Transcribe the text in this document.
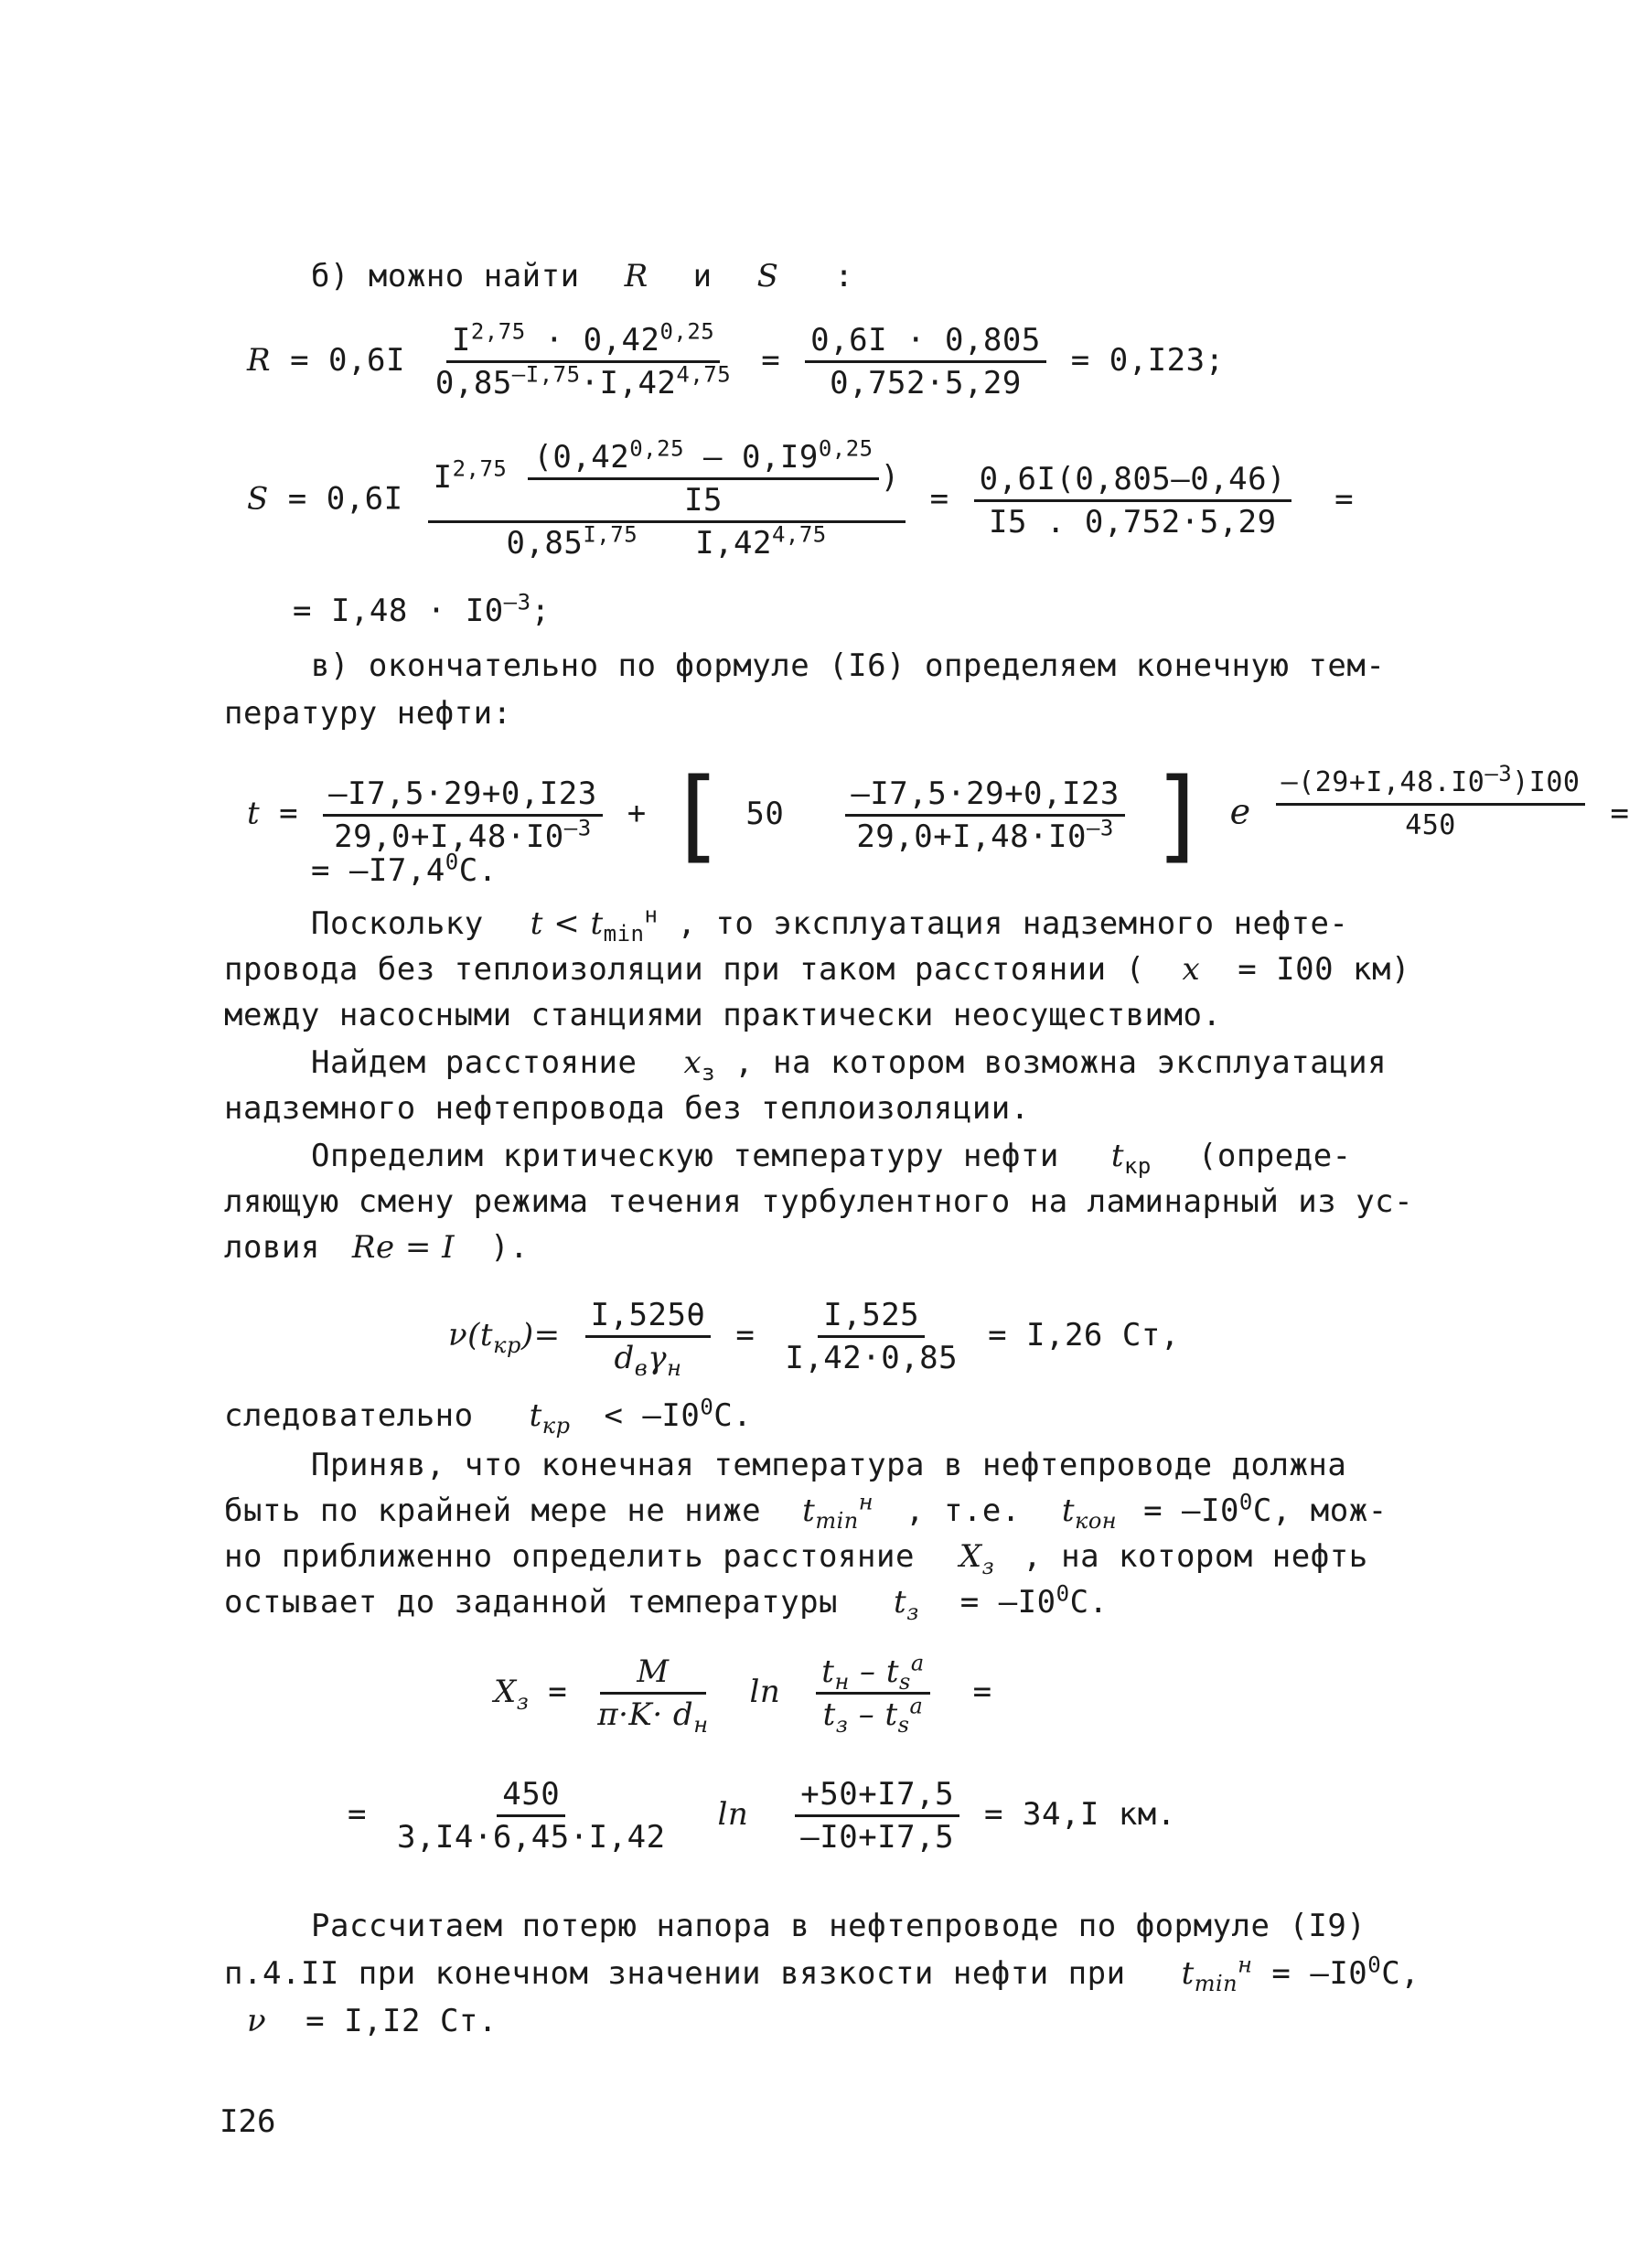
б) можно найти R и S :
$R = 0,6I \frac{I^{2,75} \cdot 0,42^{0,25}}{0,85^{-I,75}\cdot I,42^{4,75}} = \frac{0,6I \cdot 0,805}{0,752\cdot 5,29} = 0,I23$;
S = 0,6I
$I^{2,75} \frac{(0,42^{0,25} - 0,I9^{0,25}}{I5}$ )
$0,85^{I,75}$ I,42$^{4,75}$
= $\frac{0,6I(0,805-0,46)}{I5 . 0,752\cdot 5,29}$ =
= $I,48 \cdot I0^{-3}$;
в) окончательно по формуле (I6) определяем конечную тем-
пературу нефти:
$t = \frac{-I7,5\cdot 29+0,I23}{29,0+I,48\cdot I0^{-3}}$ + [ $50 \frac{-I7,5\cdot 29+0,I23}{29,0+I,48\cdot I0^{-3}}$ ] e $\frac{-(29+I,48.I0^{-3})I00}{450}$ =
= $-I7,4^0С$.
Поскольку $t < t_{min}^н$ , то эксплуатация надземного нефте-
провода без теплоизоляции при таком расстоянии ( x = I00 км)
между насосными станциями практически неосуществимо.
Найдем расстояние $x_з$ , на котором возможна эксплуатация
надземного нефтепровода без теплоизоляции.
Определим критическую температуру нефти $t_{кр}$ (опреде-
ляющую смену режима течения турбулентного на ламинарный из ус-
ловия Re = I ).
$\nu(t_{кр})= \frac{I,525\theta}{d_в\gamma_н} = \frac{I,525}{I,42\cdot 0,85} = I,26$ Ст,
следовательно $t_{кр} < -I0^0С$.
Приняв, что конечная температура в нефтепроводе должна
быть по крайней мере не ниже $t_{min}^н$ , т.е. $t_{кон} = -I0^0С$, мож-
но приближенно определить расстояние $X_з$ , на котором нефть
остывает до заданной температуры $t_з = -I0^0С$.
$X_з = \frac{M}{\pi\cdot K\cdot d_н}$ $\ln \frac{t_н - t_s^a}{t_з - t_s^a}$ =
= $\frac{450}{3,I4\cdot 6,45\cdot I,42}$ $\ln \frac{+50+I7,5}{-I0+I7,5} = 34,I$ км.
Рассчитаем потерю напора в нефтепроводе по формуле (I9)
п.4.II при конечном значении вязкости нефти при $t_{min}^н = -I0^0С$,
ν = I,I2 Ст.
I26
